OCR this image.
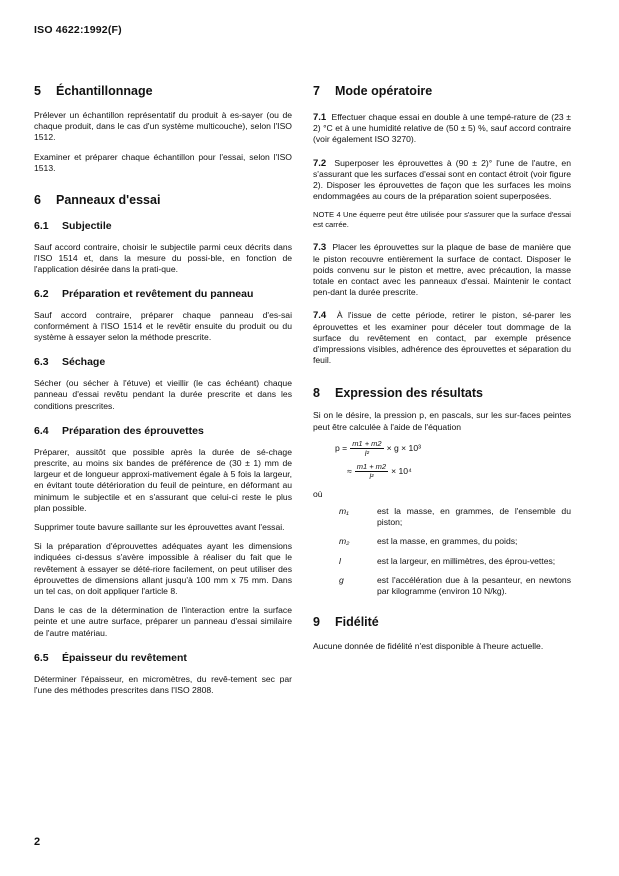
ISO 4622:1992(F)
5	Échantillonnage

Prélever un échantillon représentatif du produit à es-sayer (ou de chaque produit, dans le cas d'un système multicouche), selon l'ISO 1512.

Examiner et préparer chaque échantillon pour l'essai, selon l'ISO 1513.

6	Panneaux d'essai
6.1	Subjectile

Sauf accord contraire, choisir le subjectile parmi ceux décrits dans l'ISO 1514 et, dans la mesure du possi-ble, en fonction de l'application désirée dans la prati-que.

6.2	Préparation et revêtement du panneau

Sauf accord contraire, préparer chaque panneau d'es-sai conformément à l'ISO 1514 et le revêtir ensuite du produit ou du système à essayer selon la méthode prescrite.

6.3	Séchage

Sécher (ou sécher à l'étuve) et vieillir (le cas échéant) chaque panneau d'essai revêtu pendant la durée prescrite et dans les conditions prescrites.

6.4	Préparation des éprouvettes

Préparer, aussitôt que possible après la durée de sé-chage prescrite, au moins six bandes de préférence de (30 ± 1) mm de largeur et de longueur approxi-mativement égale à 5 fois la largeur, en évitant toute détérioration du feuil de peinture, en déformant au minimum le subjectile et en s'assurant que celui-ci reste le plus plan possible.

Supprimer toute bavure saillante sur les éprouvettes avant l'essai.

Si la préparation d'éprouvettes adéquates ayant les dimensions indiquées ci-dessus s'avère impossible à réaliser du fait que le revêtement à essayer se dété-riore facilement, on peut utiliser des éprouvettes de dimensions allant jusqu'à 100 mm x 75 mm. Dans un tel cas, on doit appliquer l'article 8.

Dans le cas de la détermination de l'interaction entre la surface peinte et une autre surface, préparer un panneau d'essai similaire de l'autre matériau.

6.5	Épaisseur du revêtement

Déterminer l'épaisseur, en micromètres, du revê-tement sec par l'une des méthodes prescrites dans l'ISO 2808.

7	Mode opératoire

7.1 Effectuer chaque essai en double à une tempé-rature de (23 ± 2) °C et à une humidité relative de (50 ± 5) %, sauf accord contraire (voir également ISO 3270).

7.2 Superposer les éprouvettes à (90 ± 2)° l'une de l'autre, en s'assurant que les surfaces d'essai sont en contact étroit (voir figure 2). Disposer les éprouvettes de façon que les surfaces les moins endommagées au cours de la préparation soient superposées.

NOTE 4 Une équerre peut être utilisée pour s'assurer que la surface d'essai est carrée.

7.3 Placer les éprouvettes sur la plaque de base de manière que le piston recouvre entièrement la surface de contact. Disposer le poids convenu sur le piston et mettre, avec précaution, la masse totale en contact avec les panneaux d'essai. Maintenir le contact pen-dant la durée prescrite.

7.4 À l'issue de cette période, retirer le piston, sé-parer les éprouvettes et les examiner pour déceler tout dommage de la surface du revêtement en contact, par exemple présence d'impressions visibles, adhérence des éprouvettes et séparation du feuil.

8	Expression des résultats

Si on le désire, la pression p, en pascals, sur les sur-faces peintes peut être calculée à l'aide de l'équation

$p = \frac{m1 + m2}{\text{l²}} \times g \times 10^3$
≈ $\frac{m1 + m2}{\text{l²}} \times 10^4$

où

m₁	est la masse, en grammes, de l'ensemble du piston;
m₂	est la masse, en grammes, du poids;
l	est la largeur, en millimètres, des éprou-vettes;
g	est l'accélération due à la pesanteur, en newtons par kilogramme (environ 10 N/kg).
9	Fidélité

Aucune donnée de fidélité n'est disponible à l'heure actuelle.

2
